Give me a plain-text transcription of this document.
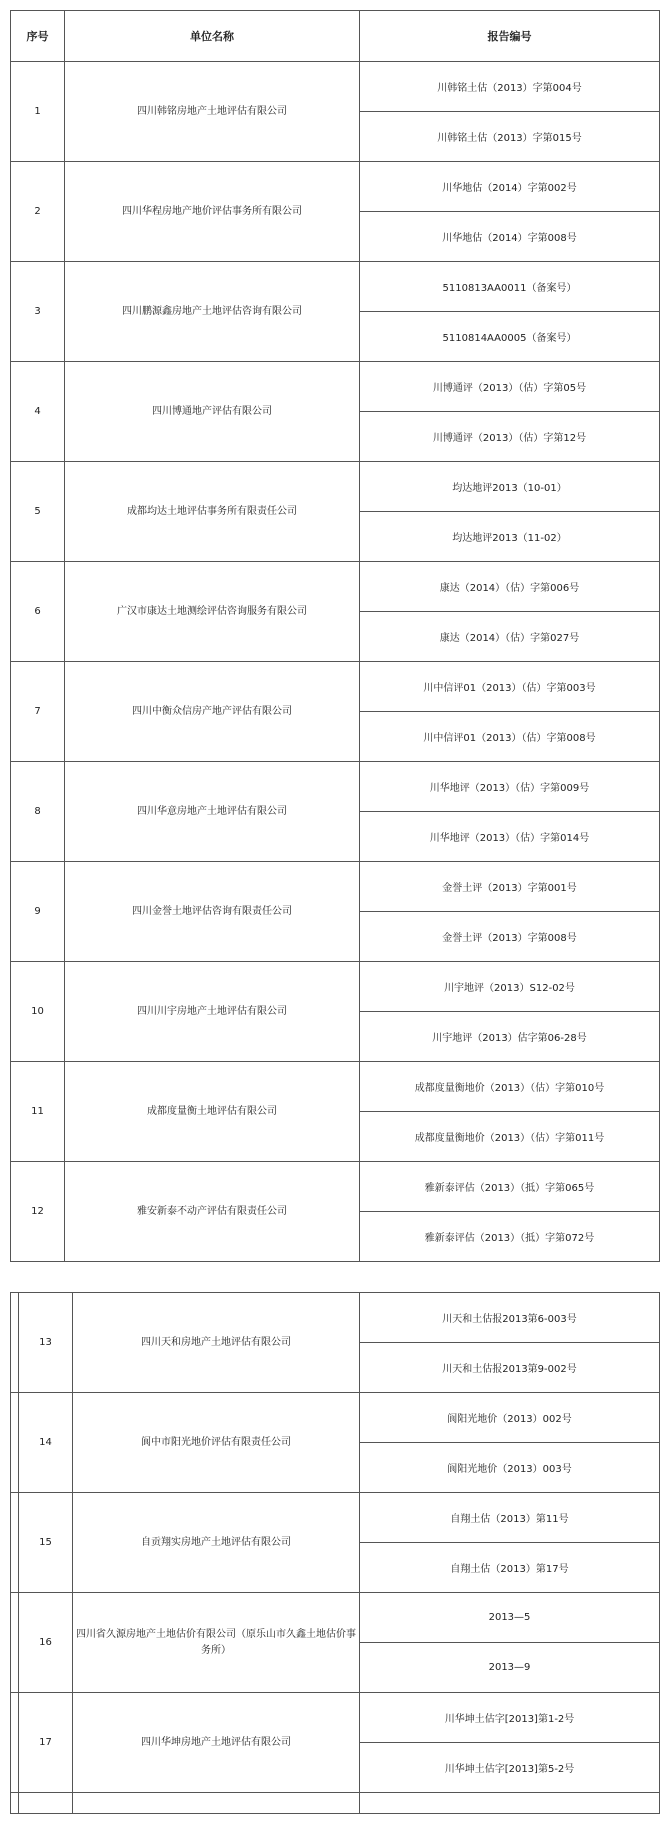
序号	单位名称	报告编号
1	四川韩铭房地产土地评估有限公司	川韩铭土估（2013）字第004号
		川韩铭土估（2013）字第015号
2	四川华程房地产地价评估事务所有限公司	川华地估（2014）字第002号
		川华地估（2014）字第008号
3	四川鹏源鑫房地产土地评估咨询有限公司	5110813AA0011（备案号）
		5110814AA0005（备案号）
4	四川博通地产评估有限公司	川博通评（2013）（估）字第05号
		川博通评（2013）（估）字第12号
5	成都均达土地评估事务所有限责任公司	均达地评2013（10-01）
		均达地评2013（11-02）
6	广汉市康达土地测绘评估咨询服务有限公司	康达（2014）（估）字第006号
		康达（2014）（估）字第027号
7	四川中衡众信房产地产评估有限公司	川中信评01（2013）（估）字第003号
		川中信评01（2013）（估）字第008号
8	四川华意房地产土地评估有限公司	川华地评（2013）（估）字第009号
		川华地评（2013）（估）字第014号
9	四川金誉土地评估咨询有限责任公司	金誉土评（2013）字第001号
		金誉土评（2013）字第008号
10	四川川宇房地产土地评估有限公司	川宇地评（2013）S12-02号
		川宇地评（2013）估字第06-28号
11	成都度量衡土地评估有限公司	成都度量衡地价（2013）（估）字第010号
		成都度量衡地价（2013）（估）字第011号
12	雅安新泰不动产评估有限责任公司	雅新泰评估（2013）（抵）字第065号
		雅新泰评估（2013）（抵）字第072号
	13	四川天和房地产土地评估有限公司	川天和土估报2013第6-003号
			川天和土估报2013第9-002号
	14	阆中市阳光地价评估有限责任公司	阆阳光地价（2013）002号
			阆阳光地价（2013）003号
	15	自贡翔实房地产土地评估有限公司	自翔土估（2013）第11号
			自翔土估（2013）第17号
	16	四川省久源房地产土地估价有限公司（原乐山市久鑫土地估价事务所）	2013—5
			2013—9
	17	四川华坤房地产土地评估有限公司	川华坤土估字[2013]第1-2号
			川华坤土估字[2013]第5-2号
